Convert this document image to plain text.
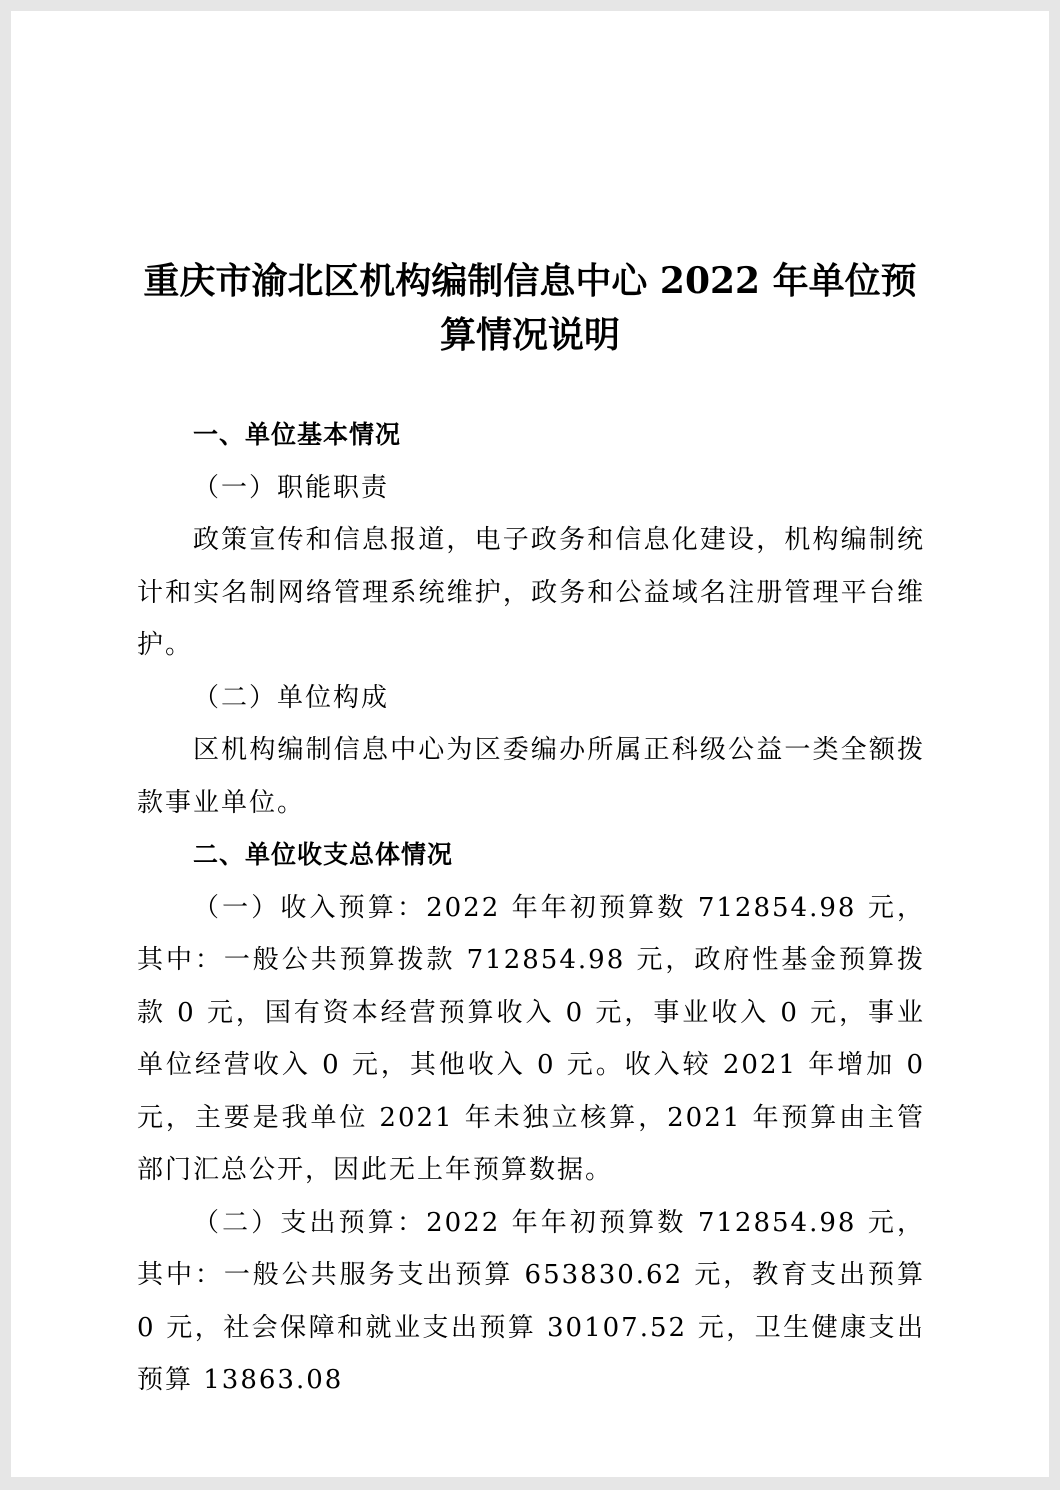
重庆市渝北区机构编制信息中心 2022 年单位预
算情况说明

一、单位基本情况

（一）职能职责

政策宣传和信息报道，电子政务和信息化建设，机构编制统计和实名制网络管理系统维护，政务和公益域名注册管理平台维护。

（二）单位构成

区机构编制信息中心为区委编办所属正科级公益一类全额拨款事业单位。

二、单位收支总体情况

（一）收入预算：2022 年年初预算数 712854.98 元，其中：一般公共预算拨款 712854.98 元，政府性基金预算拨款 0 元，国有资本经营预算收入 0 元，事业收入 0 元，事业单位经营收入 0 元，其他收入 0 元。收入较 2021 年增加 0 元，主要是我单位 2021 年未独立核算，2021 年预算由主管部门汇总公开，因此无上年预算数据。

（二）支出预算：2022 年年初预算数 712854.98 元，其中：一般公共服务支出预算 653830.62 元，教育支出预算 0 元，社会保障和就业支出预算 30107.52 元，卫生健康支出预算 13863.08
